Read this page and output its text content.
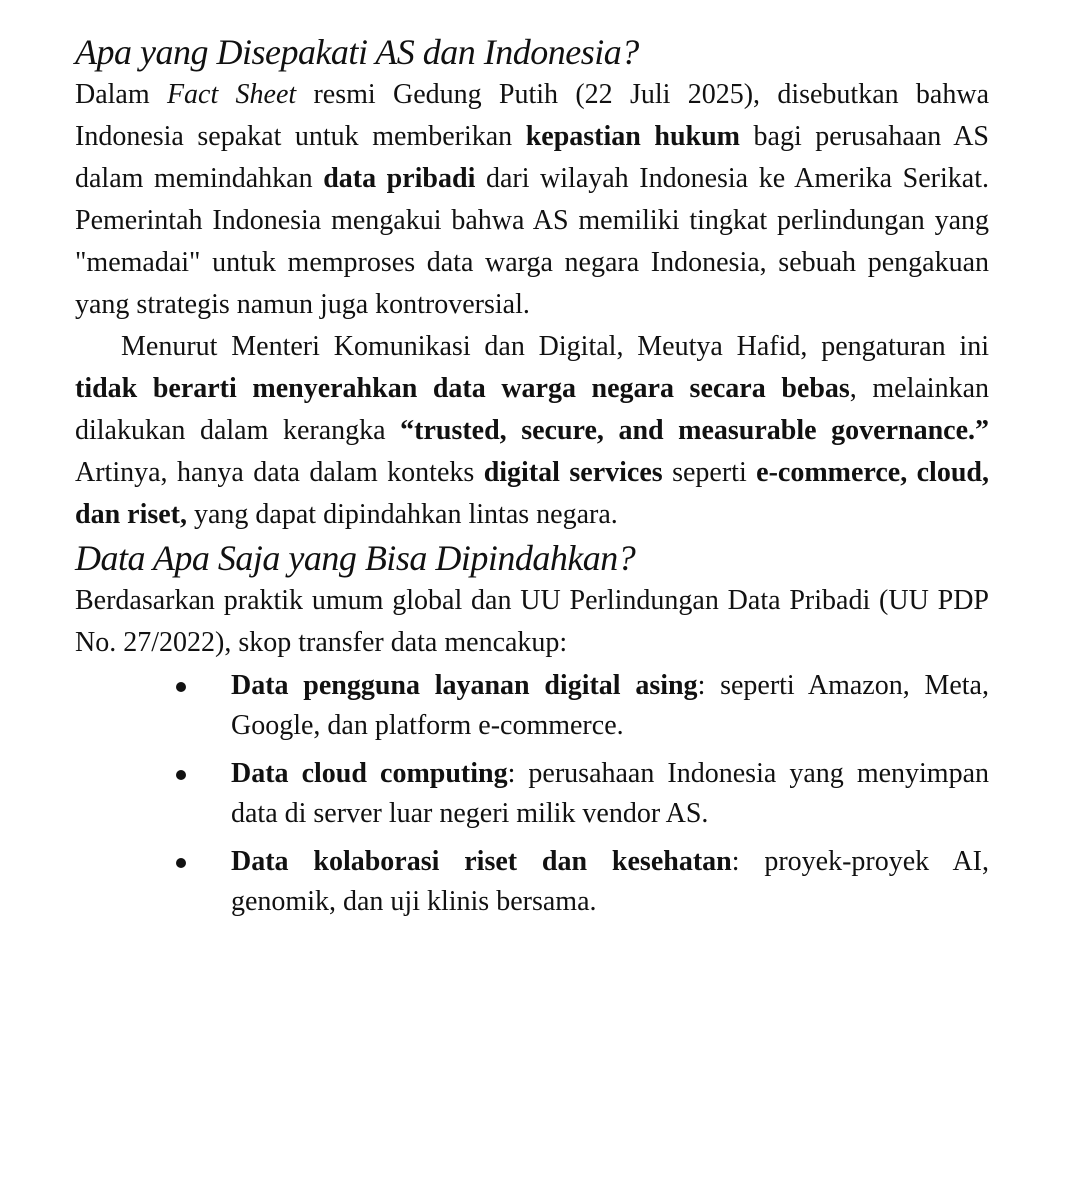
Apa yang Disepakati AS dan Indonesia?

Dalam Fact Sheet resmi Gedung Putih (22 Juli 2025), disebutkan bahwa Indonesia sepakat untuk memberikan kepastian hukum bagi perusahaan AS dalam memindahkan data pribadi dari wilayah Indonesia ke Amerika Serikat. Pemerintah Indonesia mengakui bahwa AS memiliki tingkat perlindungan yang "memadai" untuk memproses data warga negara Indonesia, sebuah pengakuan yang strategis namun juga kontroversial.

Menurut Menteri Komunikasi dan Digital, Meutya Hafid, pengaturan ini tidak berarti menyerahkan data warga negara secara bebas, melainkan dilakukan dalam kerangka “trusted, secure, and measurable governance.” Artinya, hanya data dalam konteks digital services seperti e-commerce, cloud, dan riset, yang dapat dipindahkan lintas negara.

Data Apa Saja yang Bisa Dipindahkan?

Berdasarkan praktik umum global dan UU Perlindungan Data Pribadi (UU PDP No. 27/2022), skop transfer data mencakup:

Data pengguna layanan digital asing: seperti Amazon, Meta, Google, dan platform e-commerce.
Data cloud computing: perusahaan Indonesia yang menyimpan data di server luar negeri milik vendor AS.
Data kolaborasi riset dan kesehatan: proyek-proyek AI, genomik, dan uji klinis bersama.
